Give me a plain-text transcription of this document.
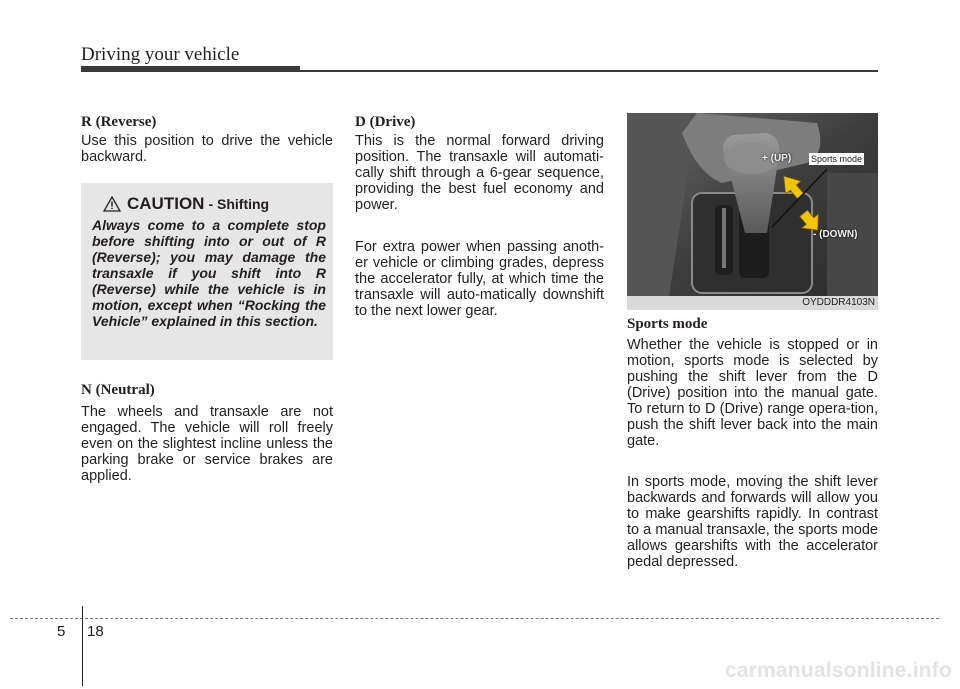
Driving your vehicle
R (Reverse)
Use this position to drive the vehicle backward.
CAUTION - Shifting
Always come to a complete stop before shifting into or out of R (Reverse); you may damage the transaxle if you shift into R (Reverse) while the vehicle is in motion, except when “Rocking the Vehicle” explained in this section.
N (Neutral)
The wheels and transaxle are not engaged. The vehicle will roll freely even on the slightest incline unless the parking brake or service brakes are applied.
D (Drive)
This is the normal forward driving position. The transaxle will automati-cally shift through a 6-gear sequence, providing the best fuel economy and power.
For extra power when passing anoth-er vehicle or climbing grades, depress the accelerator fully, at which time the transaxle will auto-matically downshift to the next lower gear.
Sports mode
+ (UP)
- (DOWN)
OYDDDR4103N
Sports mode
Whether the vehicle is stopped or in motion, sports mode is selected by pushing the shift lever from the D (Drive) position into the manual gate. To return to D (Drive) range opera-tion, push the shift lever back into the main gate.
In sports mode, moving the shift lever backwards and forwards will allow you to make gearshifts rapidly. In contrast to a manual transaxle, the sports mode allows gearshifts with the accelerator pedal depressed.
5 18
carmanualsonline.info
